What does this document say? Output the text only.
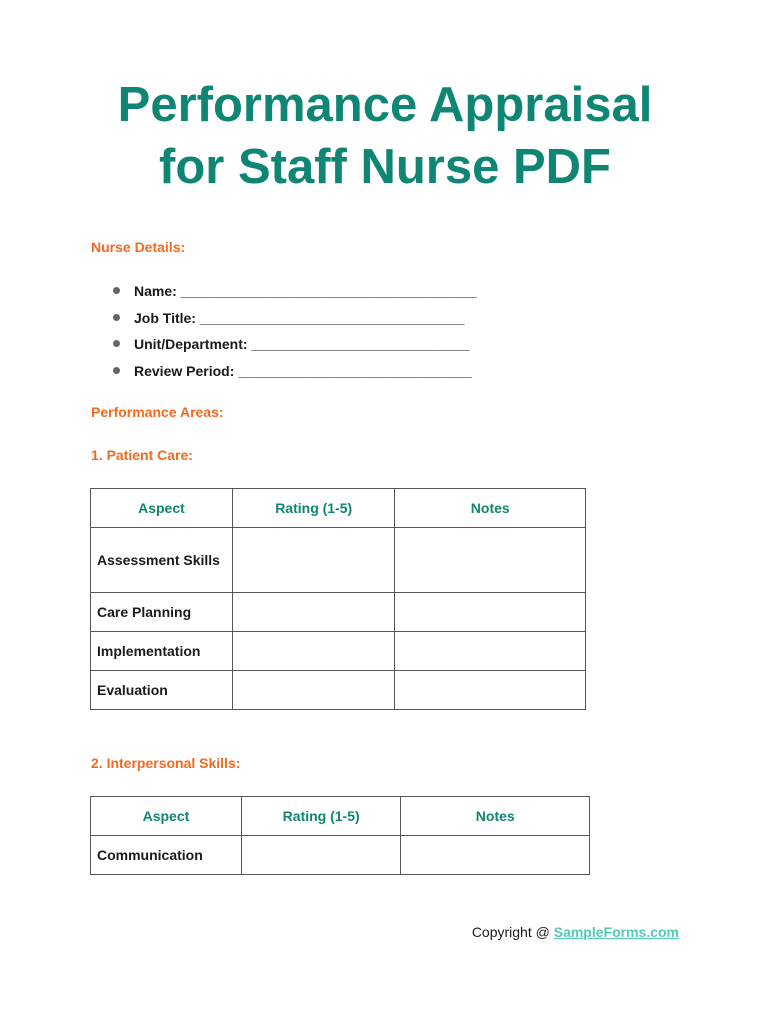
Performance Appraisal
for Staff Nurse PDF
Nurse Details:
Name: ______________________________________
Job Title: __________________________________
Unit/Department: ____________________________
Review Period: ______________________________
Performance Areas:
1. Patient Care:
Aspect	Rating (1-5)	Notes
Assessment Skills		
Care Planning		
Implementation		
Evaluation		
2. Interpersonal Skills:
Aspect	Rating (1-5)	Notes
Communication		
Copyright @ SampleForms.com
